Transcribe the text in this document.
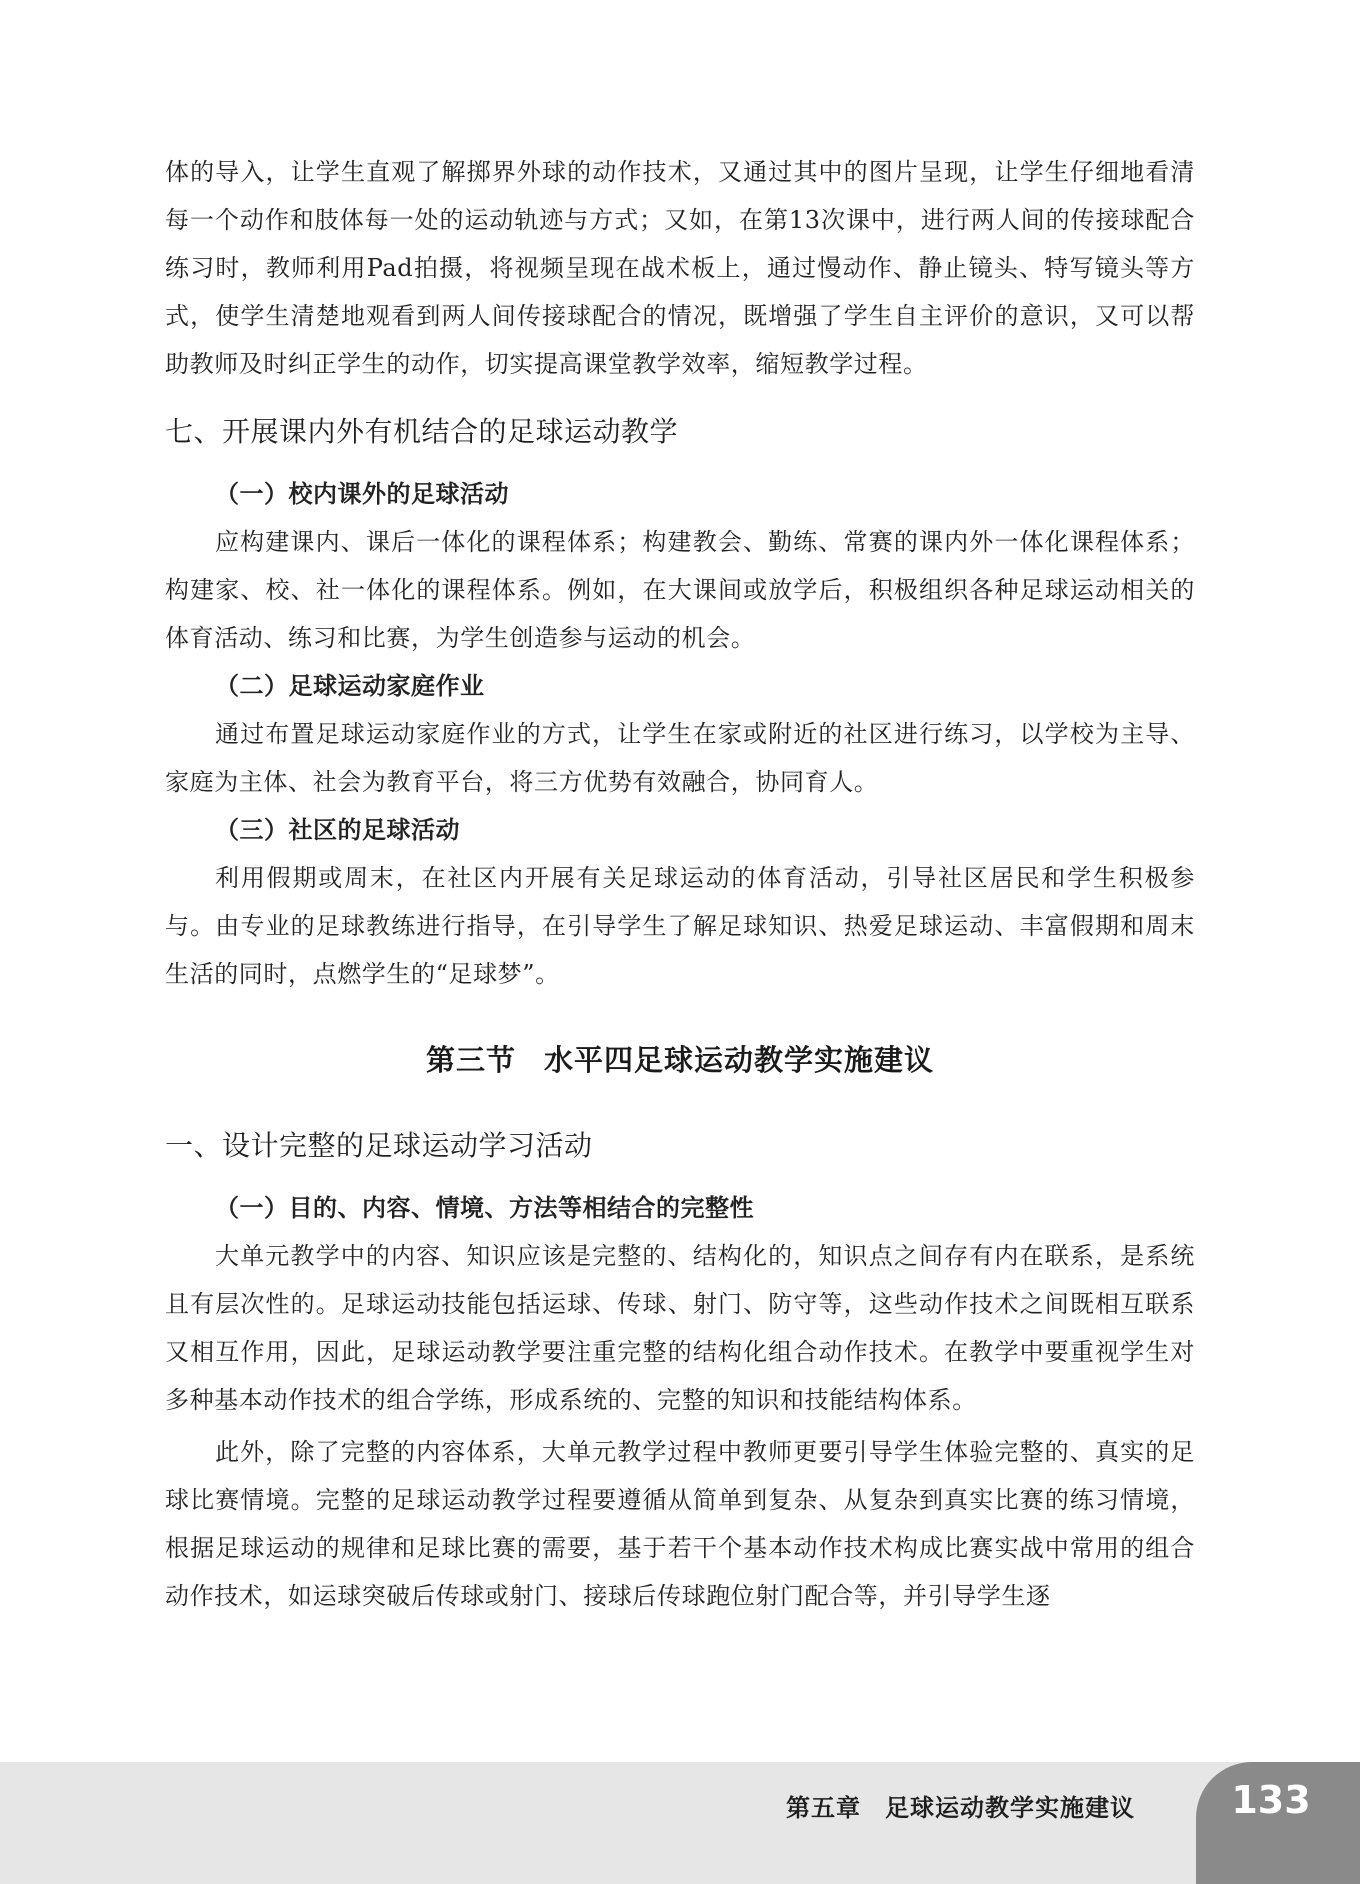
体的导入，让学生直观了解掷界外球的动作技术，又通过其中的图片呈现，让学生仔细地看清每一个动作和肢体每一处的运动轨迹与方式；又如，在第13次课中，进行两人间的传接球配合练习时，教师利用Pad拍摄，将视频呈现在战术板上，通过慢动作、静止镜头、特写镜头等方式，使学生清楚地观看到两人间传接球配合的情况，既增强了学生自主评价的意识，又可以帮助教师及时纠正学生的动作，切实提高课堂教学效率，缩短教学过程。

七、开展课内外有机结合的足球运动教学
（一）校内课外的足球活动

应构建课内、课后一体化的课程体系；构建教会、勤练、常赛的课内外一体化课程体系；构建家、校、社一体化的课程体系。例如，在大课间或放学后，积极组织各种足球运动相关的体育活动、练习和比赛，为学生创造参与运动的机会。

（二）足球运动家庭作业

通过布置足球运动家庭作业的方式，让学生在家或附近的社区进行练习，以学校为主导、家庭为主体、社会为教育平台，将三方优势有效融合，协同育人。

（三）社区的足球活动

利用假期或周末，在社区内开展有关足球运动的体育活动，引导社区居民和学生积极参与。由专业的足球教练进行指导，在引导学生了解足球知识、热爱足球运动、丰富假期和周末生活的同时，点燃学生的“足球梦”。

第三节 水平四足球运动教学实施建议
一、设计完整的足球运动学习活动
（一）目的、内容、情境、方法等相结合的完整性

大单元教学中的内容、知识应该是完整的、结构化的，知识点之间存有内在联系，是系统且有层次性的。足球运动技能包括运球、传球、射门、防守等，这些动作技术之间既相互联系又相互作用，因此，足球运动教学要注重完整的结构化组合动作技术。在教学中要重视学生对多种基本动作技术的组合学练，形成系统的、完整的知识和技能结构体系。

此外，除了完整的内容体系，大单元教学过程中教师更要引导学生体验完整的、真实的足球比赛情境。完整的足球运动教学过程要遵循从简单到复杂、从复杂到真实比赛的练习情境，根据足球运动的规律和足球比赛的需要，基于若干个基本动作技术构成比赛实战中常用的组合动作技术，如运球突破后传球或射门、接球后传球跑位射门配合等，并引导学生逐

第五章 足球运动教学实施建议	133
